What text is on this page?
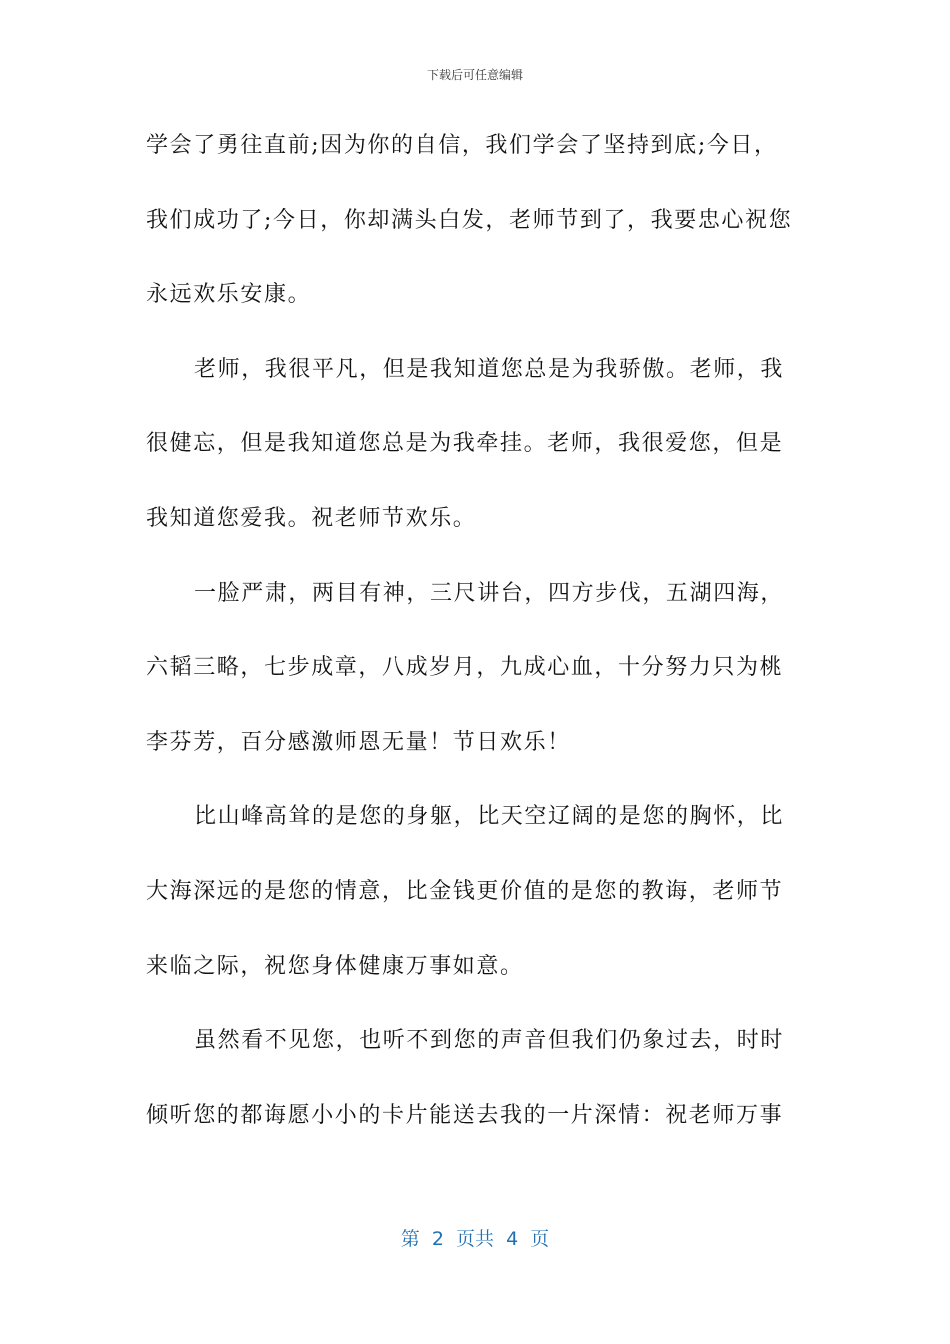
下载后可任意编辑
学会了勇往直前;因为你的自信，我们学会了坚持到底;今日，
我们成功了;今日，你却满头白发，老师节到了，我要忠心祝您
永远欢乐安康。
老师，我很平凡，但是我知道您总是为我骄傲。老师，我
很健忘，但是我知道您总是为我牵挂。老师，我很爱您，但是
我知道您爱我。祝老师节欢乐。
一脸严肃，两目有神，三尺讲台，四方步伐，五湖四海，
六韬三略，七步成章，八成岁月，九成心血，十分努力只为桃
李芬芳，百分感激师恩无量！节日欢乐！
比山峰高耸的是您的身躯，比天空辽阔的是您的胸怀，比
大海深远的是您的情意，比金钱更价值的是您的教诲，老师节
来临之际，祝您身体健康万事如意。
虽然看不见您，也听不到您的声音但我们仍象过去，时时
倾听您的都诲愿小小的卡片能送去我的一片深情：祝老师万事
第  2  页共  4  页
